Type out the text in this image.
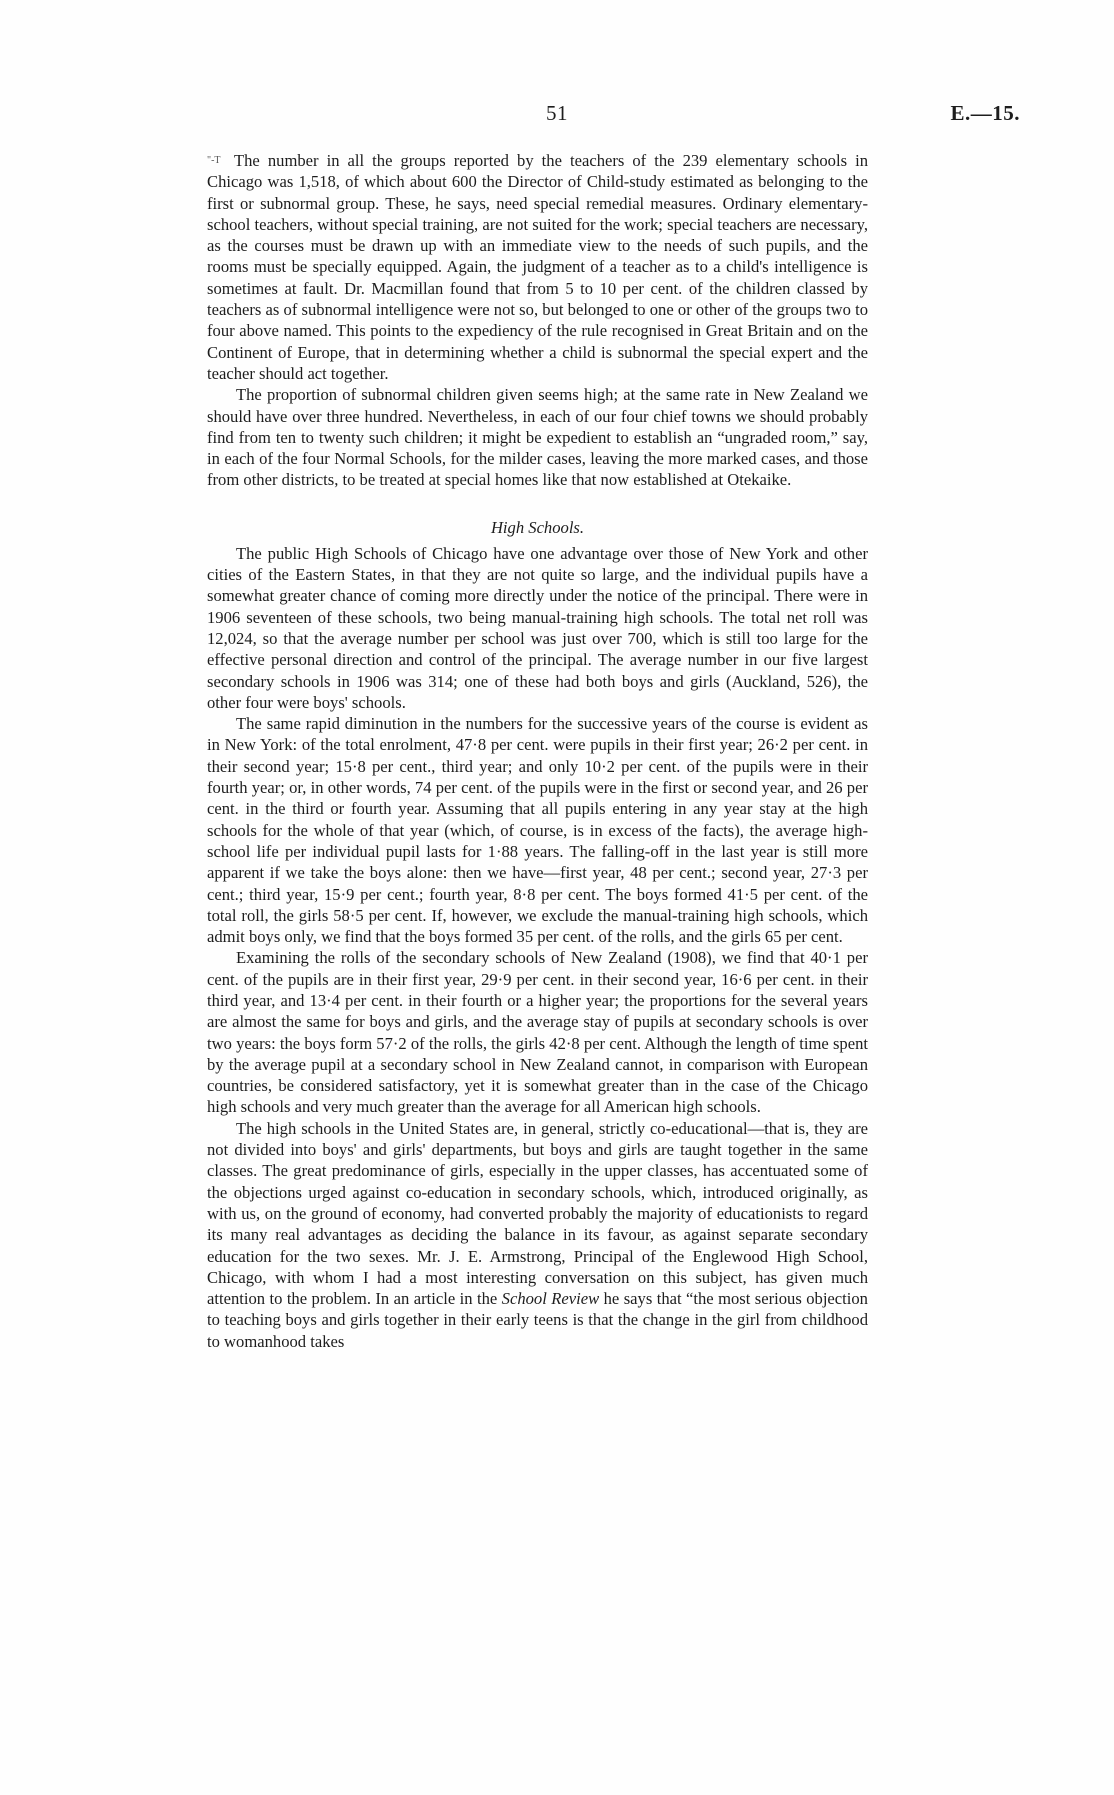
51	E.—15.

"-T The number in all the groups reported by the teachers of the 239 elementary schools in Chicago was 1,518, of which about 600 the Director of Child-study estimated as belonging to the first or subnormal group. These, he says, need special remedial measures. Ordinary elementary-school teachers, without special training, are not suited for the work; special teachers are necessary, as the courses must be drawn up with an immediate view to the needs of such pupils, and the rooms must be specially equipped. Again, the judgment of a teacher as to a child's intelligence is sometimes at fault. Dr. Macmillan found that from 5 to 10 per cent. of the children classed by teachers as of subnormal intelligence were not so, but belonged to one or other of the groups two to four above named. This points to the expediency of the rule recognised in Great Britain and on the Continent of Europe, that in determining whether a child is subnormal the special expert and the teacher should act together.

The proportion of subnormal children given seems high; at the same rate in New Zealand we should have over three hundred. Nevertheless, in each of our four chief towns we should probably find from ten to twenty such children; it might be expedient to establish an “ungraded room,” say, in each of the four Normal Schools, for the milder cases, leaving the more marked cases, and those from other districts, to be treated at special homes like that now established at Otekaike.

High Schools.

The public High Schools of Chicago have one advantage over those of New York and other cities of the Eastern States, in that they are not quite so large, and the individual pupils have a somewhat greater chance of coming more directly under the notice of the principal. There were in 1906 seventeen of these schools, two being manual-training high schools. The total net roll was 12,024, so that the average number per school was just over 700, which is still too large for the effective personal direction and control of the principal. The average number in our five largest secondary schools in 1906 was 314; one of these had both boys and girls (Auckland, 526), the other four were boys' schools.

The same rapid diminution in the numbers for the successive years of the course is evident as in New York: of the total enrolment, 47·8 per cent. were pupils in their first year; 26·2 per cent. in their second year; 15·8 per cent., third year; and only 10·2 per cent. of the pupils were in their fourth year; or, in other words, 74 per cent. of the pupils were in the first or second year, and 26 per cent. in the third or fourth year. Assuming that all pupils entering in any year stay at the high schools for the whole of that year (which, of course, is in excess of the facts), the average high-school life per individual pupil lasts for 1·88 years. The falling-off in the last year is still more apparent if we take the boys alone: then we have—first year, 48 per cent.; second year, 27·3 per cent.; third year, 15·9 per cent.; fourth year, 8·8 per cent. The boys formed 41·5 per cent. of the total roll, the girls 58·5 per cent. If, however, we exclude the manual-training high schools, which admit boys only, we find that the boys formed 35 per cent. of the rolls, and the girls 65 per cent.

Examining the rolls of the secondary schools of New Zealand (1908), we find that 40·1 per cent. of the pupils are in their first year, 29·9 per cent. in their second year, 16·6 per cent. in their third year, and 13·4 per cent. in their fourth or a higher year; the proportions for the several years are almost the same for boys and girls, and the average stay of pupils at secondary schools is over two years: the boys form 57·2 of the rolls, the girls 42·8 per cent. Although the length of time spent by the average pupil at a secondary school in New Zealand cannot, in comparison with European countries, be considered satisfactory, yet it is somewhat greater than in the case of the Chicago high schools and very much greater than the average for all American high schools.

The high schools in the United States are, in general, strictly co-educational—that is, they are not divided into boys' and girls' departments, but boys and girls are taught together in the same classes. The great predominance of girls, especially in the upper classes, has accentuated some of the objections urged against co-education in secondary schools, which, introduced originally, as with us, on the ground of economy, had converted probably the majority of educationists to regard its many real advantages as deciding the balance in its favour, as against separate secondary education for the two sexes. Mr. J. E. Armstrong, Principal of the Englewood High School, Chicago, with whom I had a most interesting conversation on this subject, has given much attention to the problem. In an article in the School Review he says that “the most serious objection to teaching boys and girls together in their early teens is that the change in the girl from childhood to womanhood takes
